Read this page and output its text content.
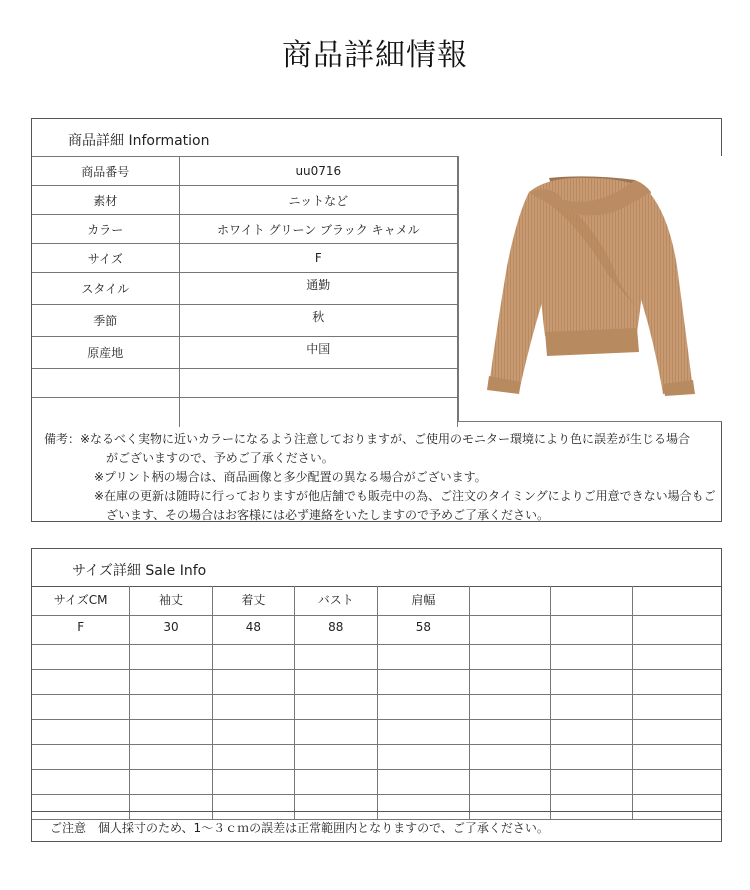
商品詳細情報
商品詳細 Information
商品番号	uu0716
素材	ニットなど
カラー	ホワイト グリーン ブラック キャメル
サイズ	F
スタイル	通勤
季節	秋
原産地	中国

備考：※なるべく実物に近いカラーになるよう注意しておりますが、ご使用のモニター環境により色に誤差が生じる場合
がございますので、予めご了承ください。
※プリント柄の場合は、商品画像と多少配置の異なる場合がございます。
※在庫の更新は随時に行っておりますが他店舗でも販売中の為、ご注文のタイミングによりご用意できない場合もご
ざいます、その場合はお客様には必ず連絡をいたしますので予めご了承ください。
サイズ詳細 Sale Info
サイズCM	袖丈	着丈	バスト	肩幅			
F	30	48	88	58			

ご注意　個人採寸のため、1～３ｃｍの誤差は正常範囲内となりますので、ご了承ください。
